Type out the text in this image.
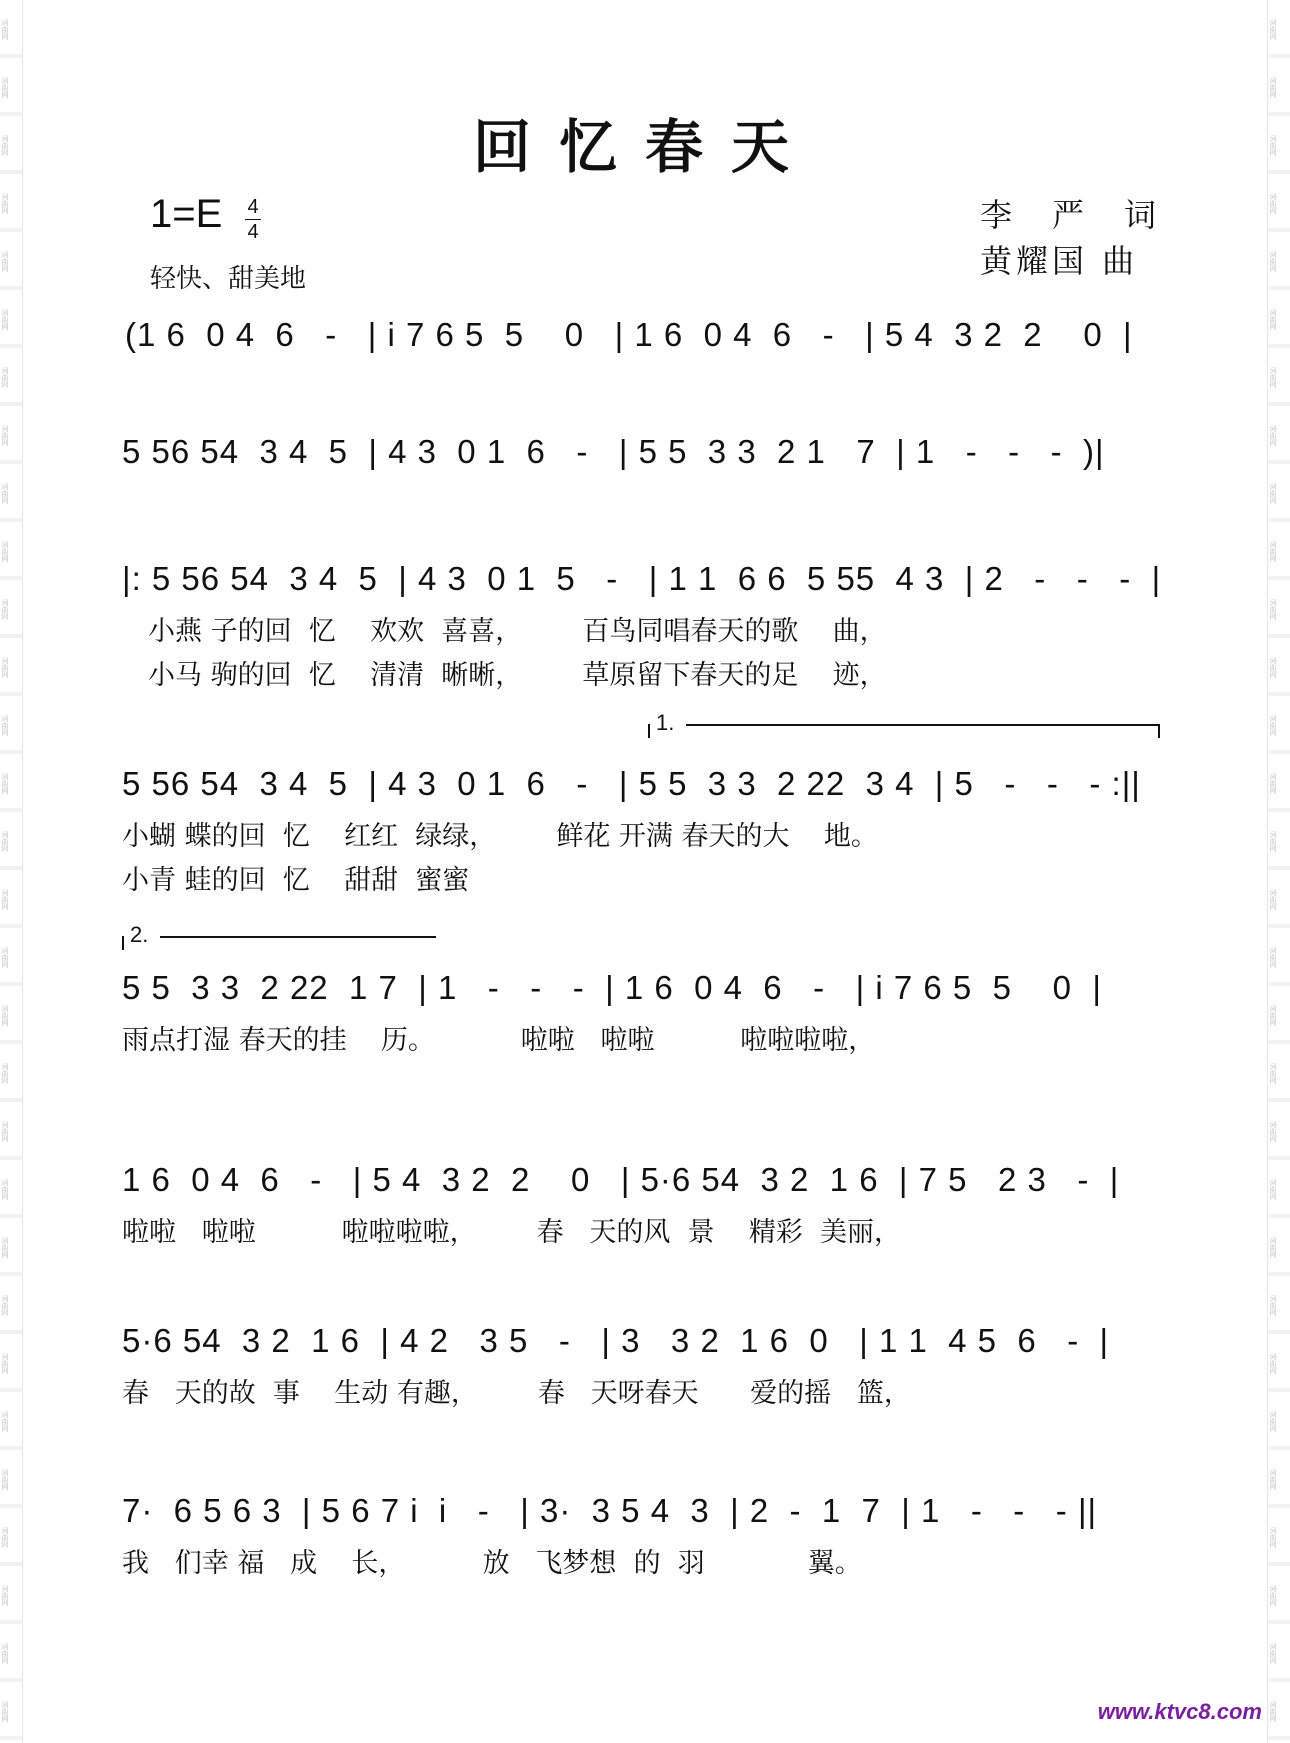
词曲网
词曲网
词曲网
词曲网
词曲网
词曲网
词曲网
词曲网
词曲网
词曲网
词曲网
词曲网
词曲网
词曲网
词曲网
词曲网
词曲网
词曲网
词曲网
词曲网
词曲网
词曲网
词曲网
词曲网
词曲网
词曲网
词曲网
词曲网
词曲网
词曲网
词曲网
词曲网
词曲网
词曲网
词曲网
词曲网
词曲网
词曲网
词曲网
词曲网
词曲网
词曲网
词曲网
词曲网
词曲网
词曲网
词曲网
词曲网
词曲网
词曲网
词曲网
词曲网
词曲网
词曲网
词曲网
词曲网
词曲网
词曲网
词曲网
词曲网
回忆春天
1=E 4
4
轻快、甜美地
李　严　词
黄耀国 曲
(1 6  0 4  6   -   | i 7 6 5  5    0   | 1 6  0 4  6   -   | 5 4  3 2  2    0  |
5 56 54  3 4  5  | 4 3  0 1  6   -   | 5 5  3 3  2 1   7  | 1   -   -   -  )|
|: 5 56 54  3 4  5  | 4 3  0 1  5   -   | 1 1  6 6  5 55  4 3  | 2   -   -   -  |
小燕 子的回  忆    欢欢  喜喜，       百鸟同唱春天的歌    曲，
小马 驹的回  忆    清清  晰晰，       草原留下春天的足    迹，
1.
5 56 54  3 4  5  | 4 3  0 1  6   -   | 5 5  3 3  2 22  3 4  | 5   -   -   - :||
小蝴 蝶的回  忆    红红  绿绿，       鲜花 开满 春天的大    地。
小青 蛙的回  忆    甜甜  蜜蜜
2.
5 5  3 3  2 22  1 7  | 1   -   -   -  | 1 6  0 4  6   -   | i 7 6 5  5    0  |
雨点打湿 春天的挂    历。          啦啦   啦啦          啦啦啦啦，
1 6  0 4  6   -   | 5 4  3 2  2    0   | 5·6 54  3 2  1 6  | 7 5   2 3   -  |
啦啦   啦啦          啦啦啦啦，       春   天的风  景    精彩  美丽，
5·6 54  3 2  1 6  | 4 2   3 5   -   | 3   3 2  1 6  0   | 1 1  4 5  6   -  |
春   天的故  事    生动 有趣，       春   天呀春天      爱的摇   篮，
7·  6 5 6 3  | 5 6 7 i  i   -   | 3·  3 5 4  3  | 2  -  1  7  | 1   -   -   - ||
我   们幸 福   成    长，         放   飞梦想  的  羽            翼。
www.ktvc8.com
